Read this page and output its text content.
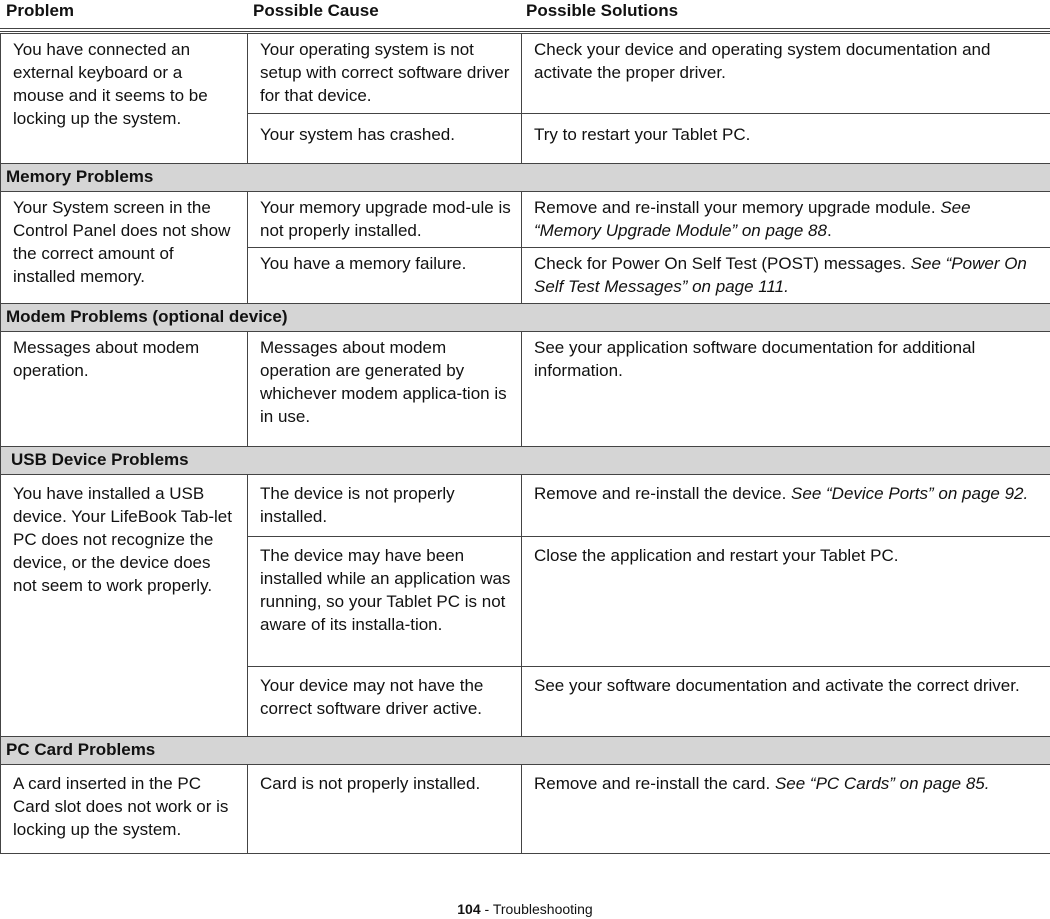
Problem	Possible Cause	Possible Solutions
You have connected an external keyboard or a mouse and it seems to be locking up the system.	Your operating system is not setup with correct software driver for that device.	Check your device and operating system documentation and activate the proper driver.
	Your system has crashed.	Try to restart your Tablet PC.
Memory Problems		
Your System screen in the Control Panel does not show the correct amount of installed memory.	Your memory upgrade mod-ule is not properly installed.	Remove and re-install your memory upgrade module. See “Memory Upgrade Module” on page 88.
	You have a memory failure.	Check for Power On Self Test (POST) messages. See “Power On Self Test Messages” on page 111.
Modem Problems (optional device)		
Messages about modem operation.	Messages about modem operation are generated by whichever modem applica-tion is in use.	See your application software documentation for additional information.
USB Device Problems		
You have installed a USB device. Your LifeBook Tab-let PC does not recognize the device, or the device does not seem to work properly.	The device is not properly installed.	Remove and re-install the device. See “Device Ports” on page 92.
	The device may have been installed while an application was running, so your Tablet PC is not aware of its installa-tion.	Close the application and restart your Tablet PC.
	Your device may not have the correct software driver active.	See your software documentation and activate the correct driver.
PC Card Problems		
A card inserted in the PC Card slot does not work or is locking up the system.	Card is not properly installed.	Remove and re-install the card. See “PC Cards” on page 85.
104 - Troubleshooting
